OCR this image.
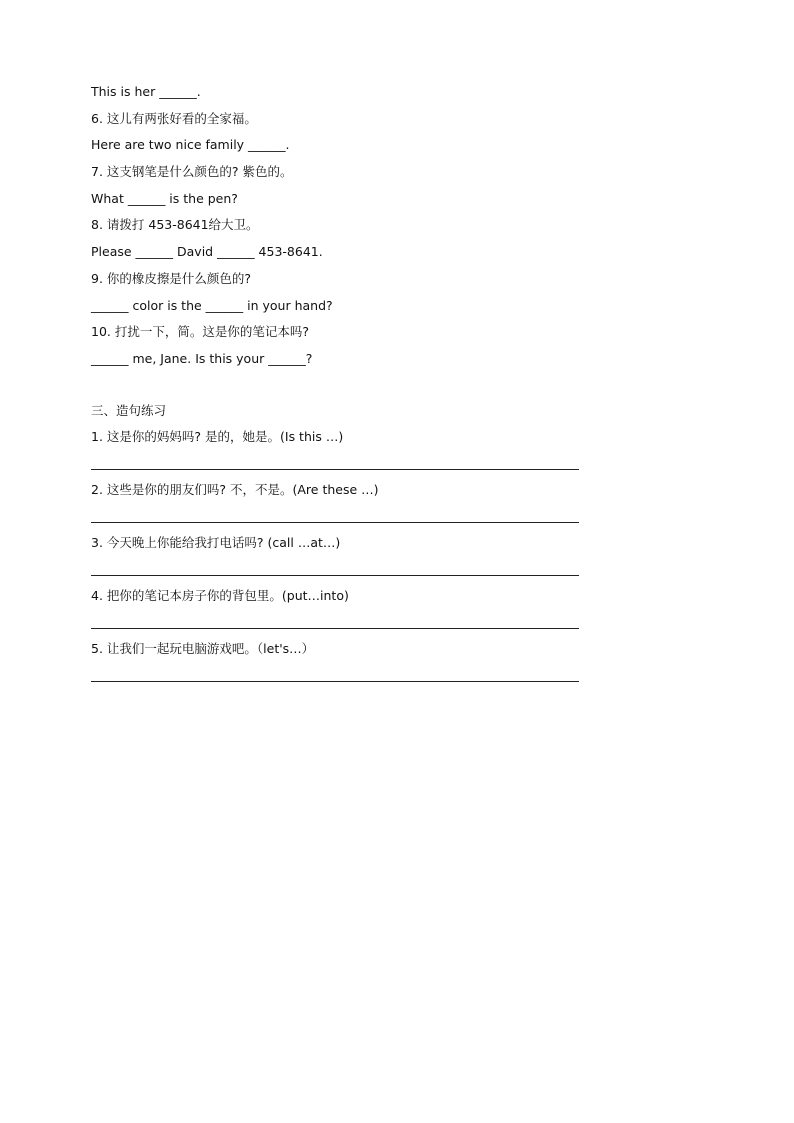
This is her ______.
6. 这儿有两张好看的全家福。
Here are two nice family ______.
7. 这支钢笔是什么颜色的? 紫色的。
What ______ is the pen?
8. 请拨打 453-8641给大卫。
Please ______ David ______ 453-8641.
9. 你的橡皮擦是什么颜色的?
______ color is the ______ in your hand?
10. 打扰一下，简。这是你的笔记本吗?
______ me, Jane. Is this your ______?
三、造句练习
1. 这是你的妈妈吗? 是的，她是。(Is this …)
2. 这些是你的朋友们吗? 不，不是。(Are these …)
3. 今天晚上你能给我打电话吗? (call …at…)
4. 把你的笔记本房子你的背包里。(put…into)
5. 让我们一起玩电脑游戏吧。（let's…）
